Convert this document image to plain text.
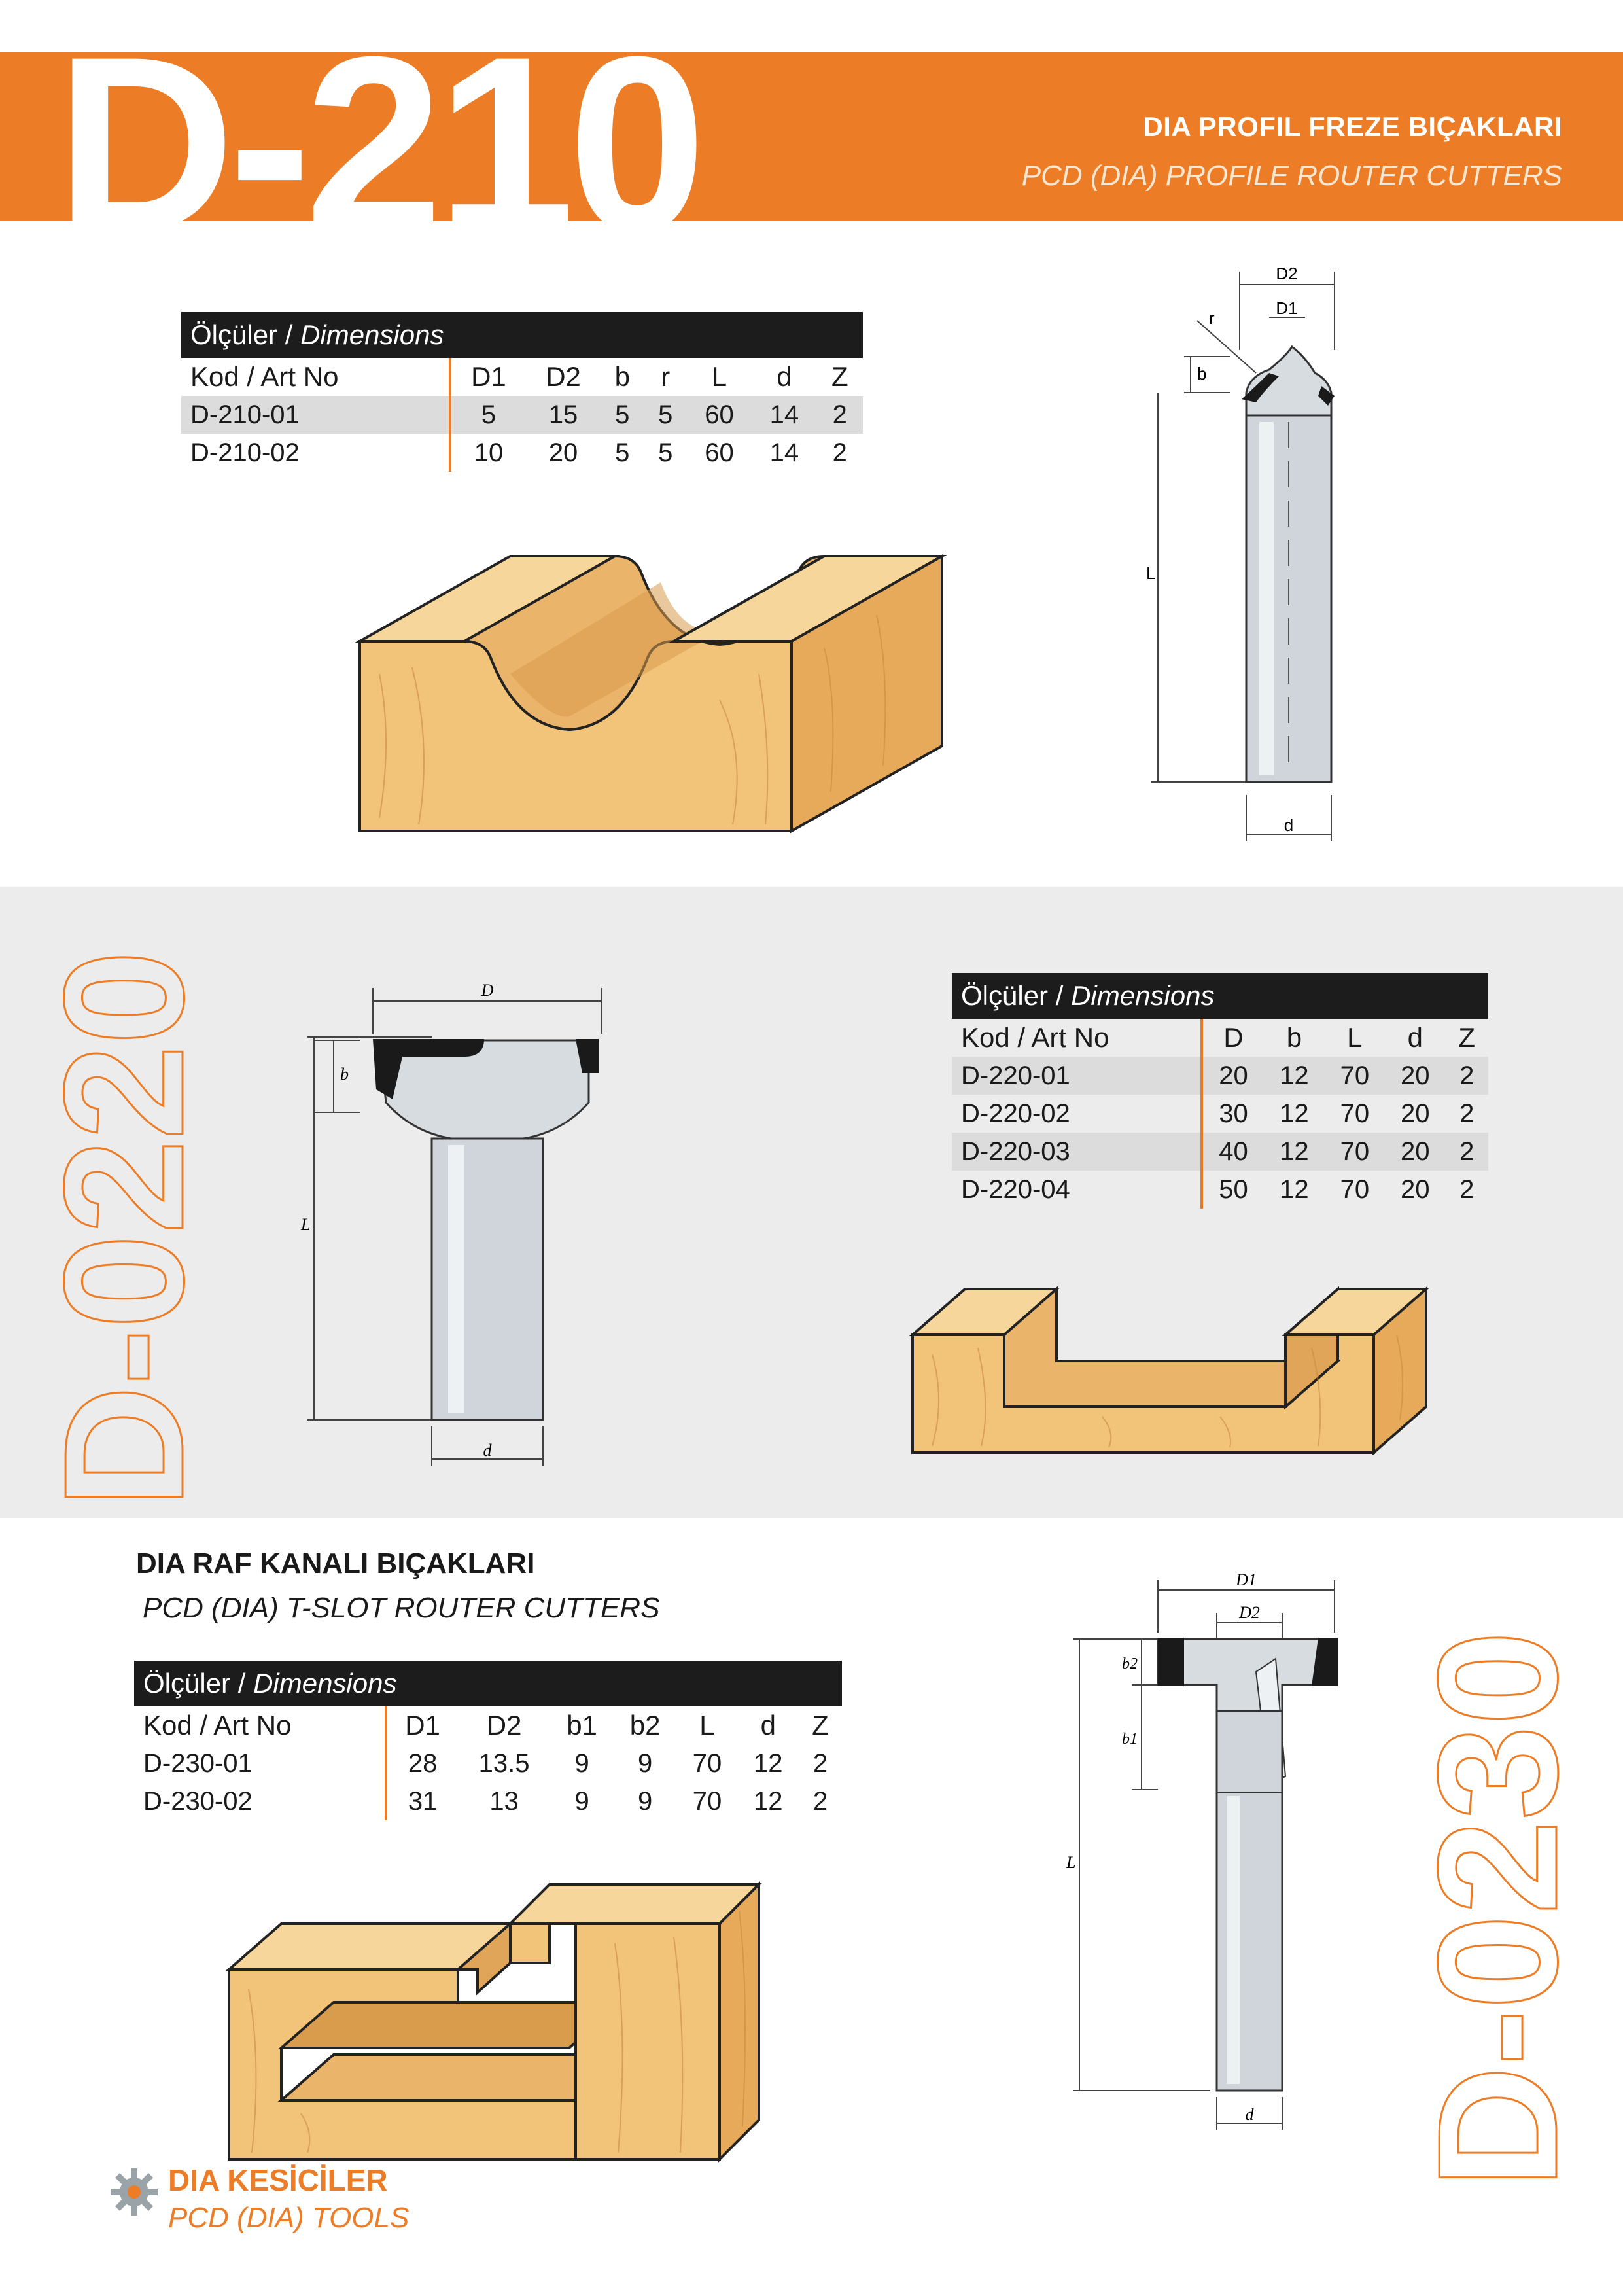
D-210	DIA PROFIL FREZE BIÇAKLARI
PCD (DIA) PROFILE ROUTER CUTTERS
Ölçüler / Dimensions							
Kod / Art No	D1	D2	b	r	L	d	Z
D-210-01	5	15	5	5	60	14	2
D-210-02	10	20	5	5	60	14	2
D2
D1
r
b
L
d
D-0220	D
b
L
d
Ölçüler / Dimensions					
Kod / Art No	D	b	L	d	Z
D-220-01	20	12	70	20	2
D-220-02	30	12	70	20	2
D-220-03	40	12	70	20	2
D-220-04	50	12	70	20	2
DIA RAF KANALI BIÇAKLARI
PCD (DIA) T-SLOT ROUTER CUTTERS
Ölçüler / Dimensions							
Kod / Art No	D1	D2	b1	b2	L	d	Z
D-230-01	28	13.5	9	9	70	12	2
D-230-02	31	13	9	9	70	12	2
D1
D2
b2
b1
L
d D-0230
DIA KESİCİLER
PCD (DIA) TOOLS
